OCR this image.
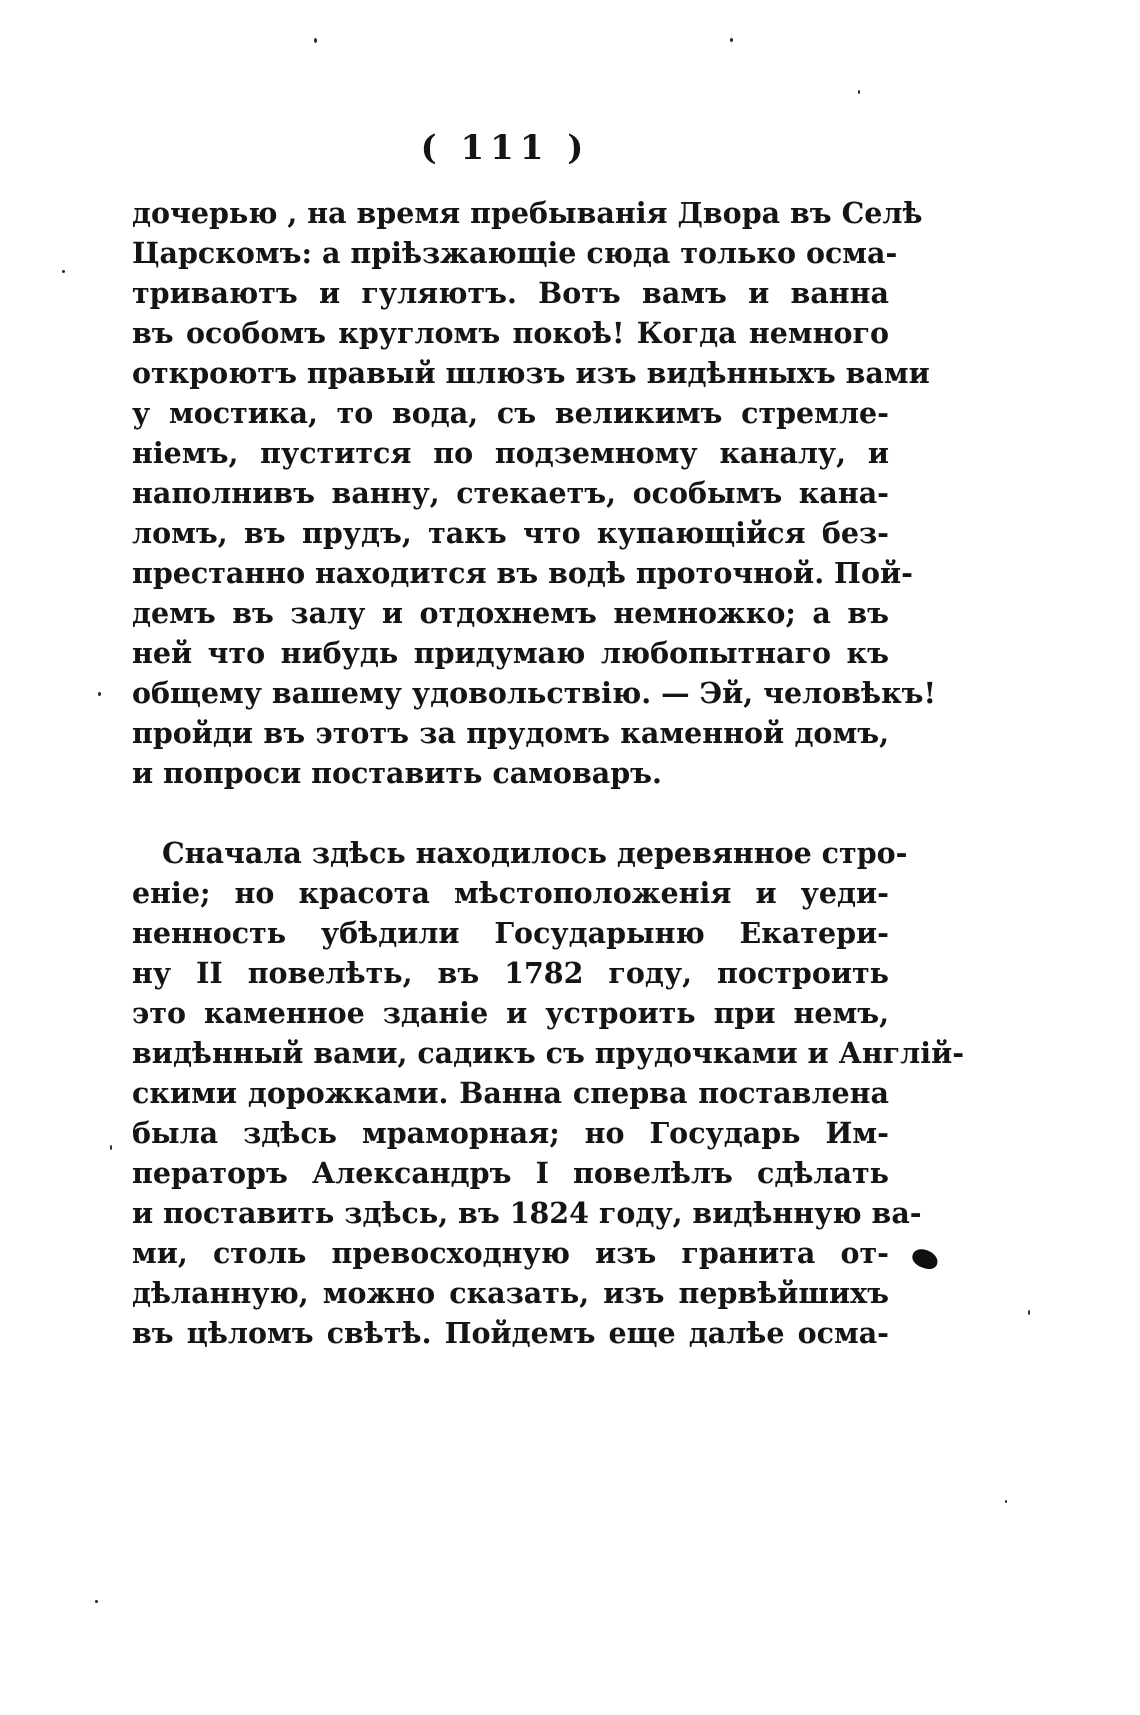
( 111 )
дочерью , на время пребыванія Двора въ Селѣ
Царскомъ: а пріѣзжающіе сюда только осма-
триваютъ и гуляютъ. Вотъ вамъ и ванна
въ особомъ кругломъ покоѣ! Когда немного
откроютъ правый шлюзъ изъ видѣнныхъ вами
у мостика, то вода, съ великимъ стремле-
ніемъ, пустится по подземному каналу, и
наполнивъ ванну, стекаетъ, особымъ кана-
ломъ, въ прудъ, такъ что купающійся без-
престанно находится въ водѣ проточной. Пой-
демъ въ залу и отдохнемъ немножко; а въ
ней что нибудь придумаю любопытнаго къ
общему вашему удовольствію. — Эй, человѣкъ!
пройди въ этотъ за прудомъ каменной домъ,
и попроси поставить самоваръ.
Сначала здѣсь находилось деревянное стро-
еніе; но красота мѣстоположенія и уеди-
ненность убѣдили Государыню Екатери-
ну II повелѣть, въ 1782 году, построить
это каменное зданіе и устроить при немъ,
видѣнный вами, садикъ съ прудочками и Англій-
скими дорожками. Ванна сперва поставлена
была здѣсь мраморная; но Государь Им-
ператоръ Александръ I повелѣлъ сдѣлать
и поставить здѣсь, въ 1824 году, видѣнную ва-
ми, столь превосходную изъ гранита от-
дѣланную, можно сказать, изъ первѣйшихъ
въ цѣломъ свѣтѣ. Пойдемъ еще далѣе осма-
